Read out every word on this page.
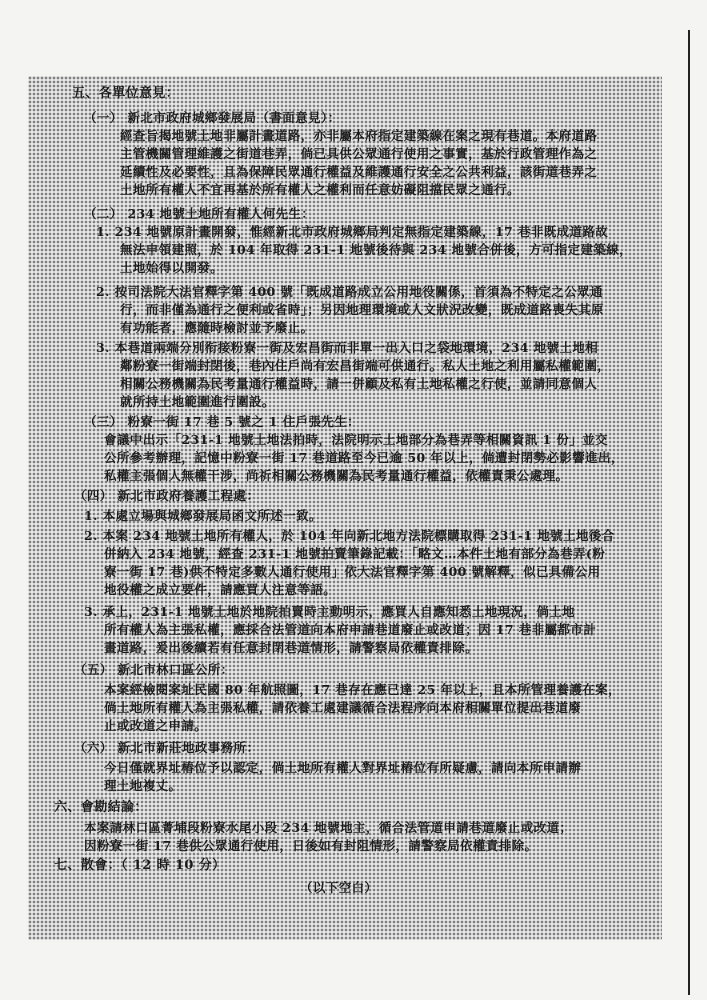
五、各單位意見：
（一） 新北市政府城鄉發展局（書面意見）：
經查旨揭地號土地非屬計畫道路，亦非屬本府指定建築線在案之現有巷道。本府道路
主管機關管理維護之街道巷弄，倘已具供公眾通行使用之事實，基於行政管理作為之
延續性及必要性，且為保障民眾通行權益及維護通行安全之公共利益，該街道巷弄之
土地所有權人不宜再基於所有權人之權利而任意妨礙阻擋民眾之通行。
（二） 234 地號土地所有權人何先生：
1. 234 地號原計畫開發，惟經新北市政府城鄉局判定無指定建築線，17 巷非既成道路故
無法申領建照，於 104 年取得 231-1 地號後待與 234 地號合併後，方可指定建築線，
土地始得以開發。
2. 按司法院大法官釋字第 400 號「既成道路成立公用地役關係，首須為不特定之公眾通
行，而非僅為通行之便利或省時」；另因地理環境或人文狀況改變，既成道路喪失其原
有功能者，應隨時檢討並予廢止。
3. 本巷道兩端分別衔接粉寮一街及宏昌街而非單一出入口之袋地環境，234 地號土地相
鄰粉寮一街端封閉後，巷內住戶尚有宏昌街端可供通行。私人土地之利用屬私權範圍，
相關公務機關為民考量通行權益時，請一併顧及私有土地私權之行使，並請同意個人
就所持土地範圍進行圍設。
（三） 粉寮一街 17 巷 5 號之 1 住戶張先生：
會議中出示「231-1 地號土地法拍時，法院明示土地部分為巷弄等相關資訊 1 份」並交
公所參考辦理，記憶中粉寮一街 17 巷道路至今已逾 50 年以上，倘遭封閉勢必影響進出，
私權主張個人無權干涉，尚祈相關公務機關為民考量通行權益，依權責秉公處理。
（四） 新北市政府養護工程處：
1. 本處立場與城鄉發展局函文所述一致。
2. 本案 234 地號土地所有權人，於 104 年向新北地方法院標購取得 231-1 地號土地後合
併納入 234 地號，經查 231-1 地號拍賣筆錄記載：「略文…本件土地有部分為巷弄(粉
寮一街 17 巷)供不特定多數人通行使用」依大法官釋字第 400 號解釋，似已具備公用
地役權之成立要件，請應買人注意等語。
3. 承上，231-1 地號土地於地院拍賣時主動明示，應買人自應知悉土地現況，倘土地
所有權人為主張私權，應採合法管道向本府申請巷道廢止或改道；因 17 巷非屬都市計
畫道路，爰出後續若有任意封閉巷道情形，請警察局依權責排除。
（五） 新北市林口區公所：
本案經檢閱案址民國 80 年航照圖，17 巷存在應已達 25 年以上，且本所管理養護在案，
倘土地所有權人為主張私權，請依養工處建議循合法程序向本府相關單位提出巷道廢
止或改道之申請。
（六） 新北市新莊地政事務所：
今日僅就界址樁位予以認定，倘土地所有權人對界址樁位有所疑慮，請向本所申請辦
理土地複丈。
六、會勘結論：
本案請林口區菁埔段粉寮水尾小段 234 地號地主，循合法管道申請巷道廢止或改道；
因粉寮一街 17 巷供公眾通行使用，日後如有封阻情形，請警察局依權責排除。
七、散會：（ 12 時 10 分）
（以下空白）
